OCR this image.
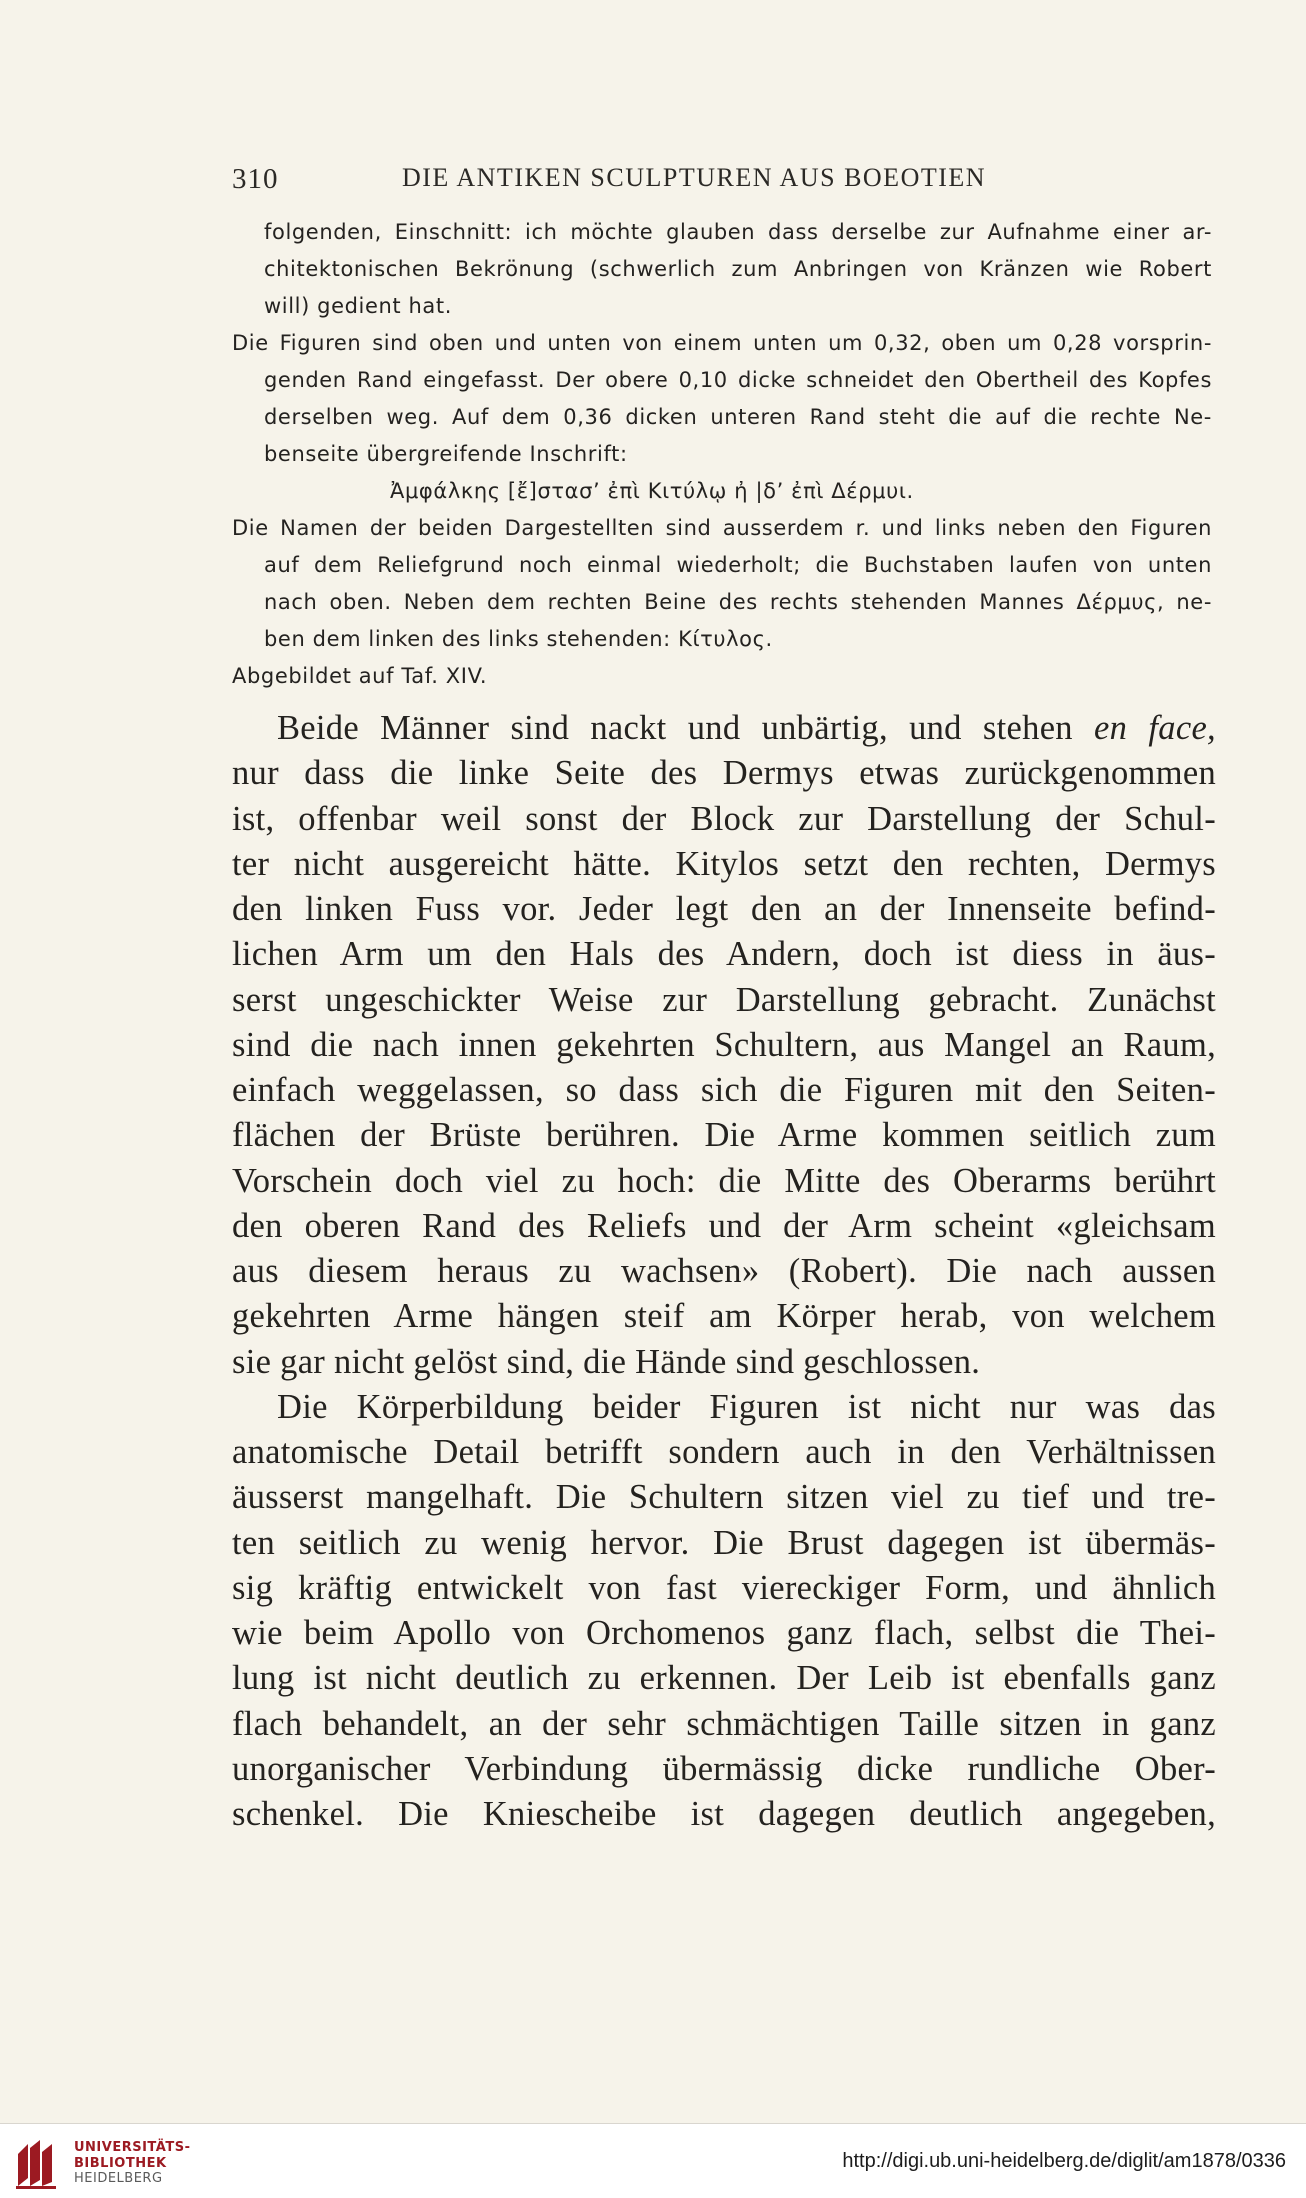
310	DIE ANTIKEN SCULPTUREN AUS BOEOTIEN
folgenden, Einschnitt: ich möchte glauben dass derselbe zur Aufnahme einer ar-
chitektonischen Bekrönung (schwerlich zum Anbringen von Kränzen wie Robert
will) gedient hat.
Die Figuren sind oben und unten von einem unten um 0,32, oben um 0,28 vorsprin-
genden Rand eingefasst. Der obere 0,10 dicke schneidet den Obertheil des Kopfes
derselben weg. Auf dem 0,36 dicken unteren Rand steht die auf die rechte Ne-
benseite übergreifende Inschrift:
Ἀμφάλκης [ἔ]στασ’ ἐπὶ Κιτύλῳ ἠ |δ’ ἐπὶ Δέρμυι.
Die Namen der beiden Dargestellten sind ausserdem r. und links neben den Figuren
auf dem Reliefgrund noch einmal wiederholt; die Buchstaben laufen von unten
nach oben. Neben dem rechten Beine des rechts stehenden Mannes Δέρμυς, ne-
ben dem linken des links stehenden: Κίτυλος.
Abgebildet auf Taf. XIV.
Beide Männer sind nackt und unbärtig, und stehen en face,
nur dass die linke Seite des Dermys etwas zurückgenommen
ist, offenbar weil sonst der Block zur Darstellung der Schul-
ter nicht ausgereicht hätte. Kitylos setzt den rechten, Dermys
den linken Fuss vor. Jeder legt den an der Innenseite befind-
lichen Arm um den Hals des Andern, doch ist diess in äus-
serst ungeschickter Weise zur Darstellung gebracht. Zunächst
sind die nach innen gekehrten Schultern, aus Mangel an Raum,
einfach weggelassen, so dass sich die Figuren mit den Seiten-
flächen der Brüste berühren. Die Arme kommen seitlich zum
Vorschein doch viel zu hoch: die Mitte des Oberarms berührt
den oberen Rand des Reliefs und der Arm scheint «gleichsam
aus diesem heraus zu wachsen» (Robert). Die nach aussen
gekehrten Arme hängen steif am Körper herab, von welchem
sie gar nicht gelöst sind, die Hände sind geschlossen.
Die Körperbildung beider Figuren ist nicht nur was das
anatomische Detail betrifft sondern auch in den Verhältnissen
äusserst mangelhaft. Die Schultern sitzen viel zu tief und tre-
ten seitlich zu wenig hervor. Die Brust dagegen ist übermäs-
sig kräftig entwickelt von fast viereckiger Form, und ähnlich
wie beim Apollo von Orchomenos ganz flach, selbst die Thei-
lung ist nicht deutlich zu erkennen. Der Leib ist ebenfalls ganz
flach behandelt, an der sehr schmächtigen Taille sitzen in ganz
unorganischer Verbindung übermässig dicke rundliche Ober-
schenkel. Die Kniescheibe ist dagegen deutlich angegeben,
UNIVERSITÄTS-
BIBLIOTHEK
HEIDELBERG
http://digi.ub.uni-heidelberg.de/diglit/am1878/0336
